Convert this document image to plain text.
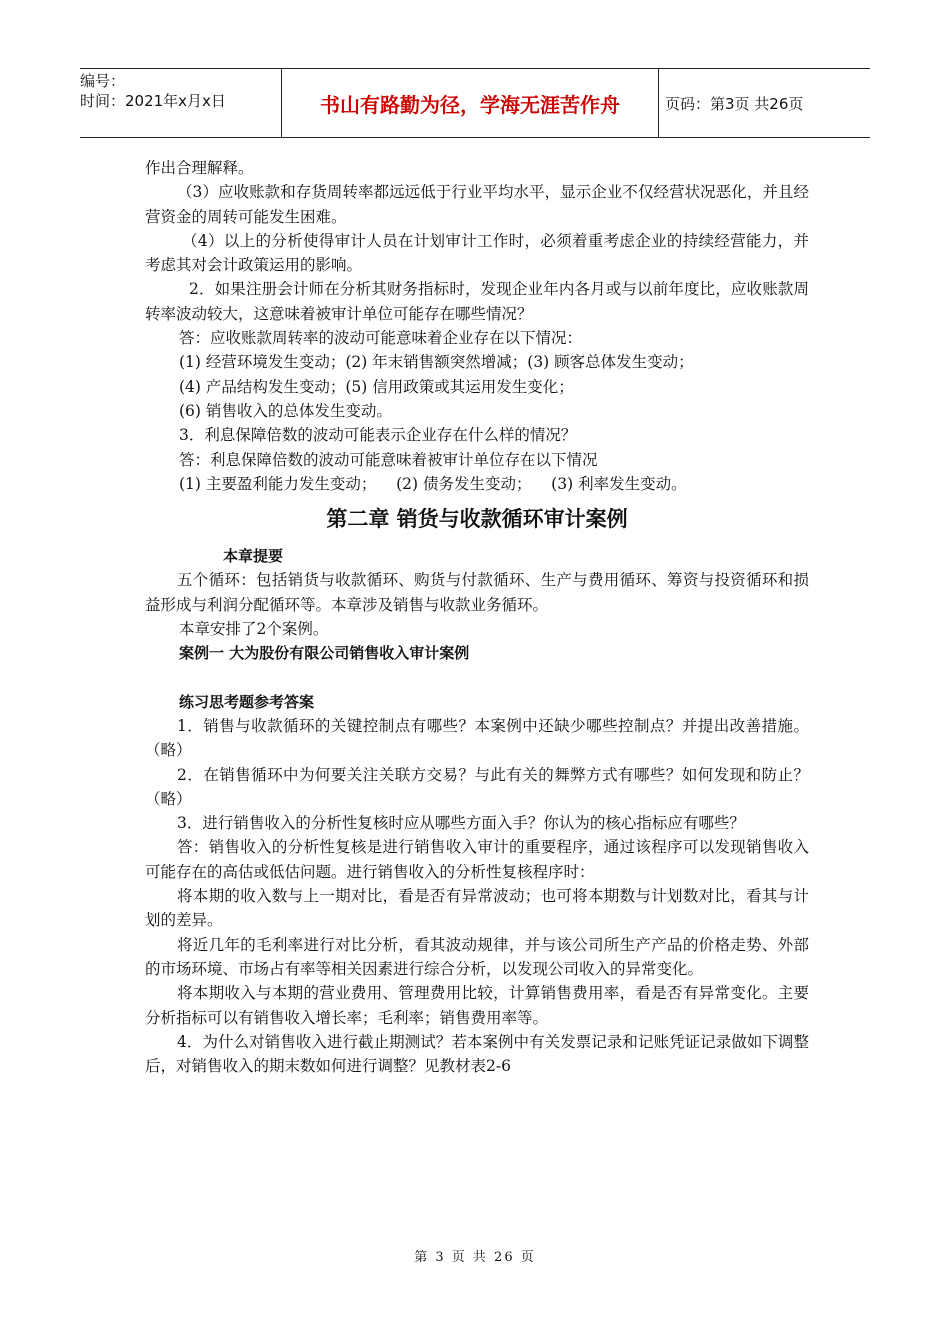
编号：
时间：2021年x月x日	书山有路勤为径，学海无涯苦作舟	页码：第3页 共26页

作出合理解释。

（3）应收账款和存货周转率都远远低于行业平均水平，显示企业不仅经营状况恶化，并且经营资金的周转可能发生困难。

（4）以上的分析使得审计人员在计划审计工作时，必须着重考虑企业的持续经营能力，并考虑其对会计政策运用的影响。

2．如果注册会计师在分析其财务指标时，发现企业年内各月或与以前年度比，应收账款周转率波动较大，这意味着被审计单位可能存在哪些情况？

答：应收账款周转率的波动可能意味着企业存在以下情况：

(1) 经营环境发生变动；(2) 年末销售额突然增减；(3) 顾客总体发生变动；

(4) 产品结构发生变动；(5) 信用政策或其运用发生变化；

(6) 销售收入的总体发生变动。

3．利息保障倍数的波动可能表示企业存在什么样的情况？

答：利息保障倍数的波动可能意味着被审计单位存在以下情况

(1) 主要盈利能力发生变动；    (2) 债务发生变动；    (3) 利率发生变动。

第二章 销货与收款循环审计案例

本章提要

五个循环：包括销货与收款循环、购货与付款循环、生产与费用循环、筹资与投资循环和损益形成与利润分配循环等。本章涉及销售与收款业务循环。

本章安排了2个案例。

案例一 大为股份有限公司销售收入审计案例

练习思考题参考答案

1．销售与收款循环的关键控制点有哪些？本案例中还缺少哪些控制点？并提出改善措施。（略）

2．在销售循环中为何要关注关联方交易？与此有关的舞弊方式有哪些？如何发现和防止？（略）

3．进行销售收入的分析性复核时应从哪些方面入手？你认为的核心指标应有哪些？

答：销售收入的分析性复核是进行销售收入审计的重要程序，通过该程序可以发现销售收入可能存在的高估或低估问题。进行销售收入的分析性复核程序时：

将本期的收入数与上一期对比，看是否有异常波动；也可将本期数与计划数对比，看其与计划的差异。

将近几年的毛利率进行对比分析，看其波动规律，并与该公司所生产产品的价格走势、外部的市场环境、市场占有率等相关因素进行综合分析，以发现公司收入的异常变化。

将本期收入与本期的营业费用、管理费用比较，计算销售费用率，看是否有异常变化。主要分析指标可以有销售收入增长率；毛利率；销售费用率等。

4．为什么对销售收入进行截止期测试？若本案例中有关发票记录和记账凭证记录做如下调整后，对销售收入的期末数如何进行调整？见教材表2-6

第 3 页 共 26 页
